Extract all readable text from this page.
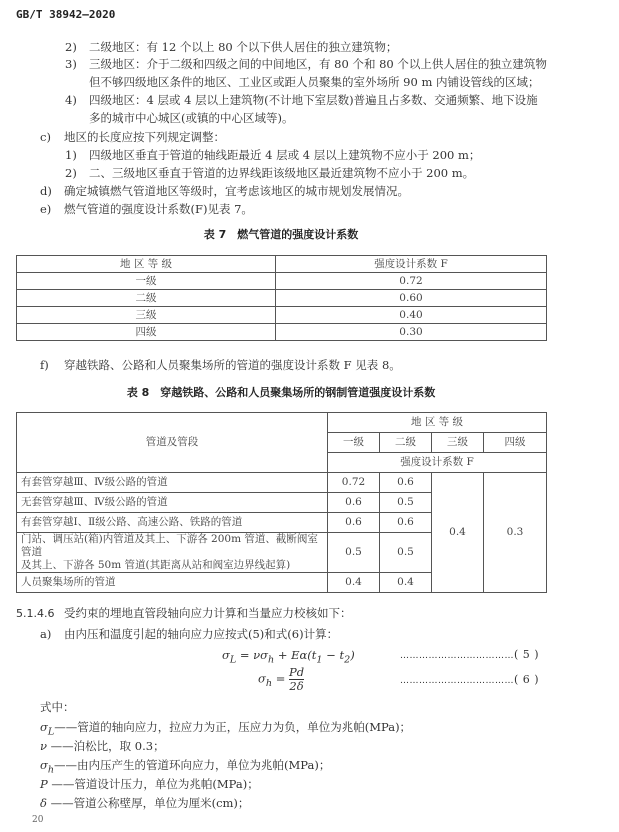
GB/T 38942—2020
2) 二级地区：有 12 个以上 80 个以下供人居住的独立建筑物；
3) 三级地区：介于二级和四级之间的中间地区，有 80 个和 80 个以上供人居住的独立建筑物
但不够四级地区条件的地区、工业区或距人员聚集的室外场所 90 m 内铺设管线的区域；
4) 四级地区：4 层或 4 层以上建筑物(不计地下室层数)普遍且占多数、交通频繁、地下设施
多的城市中心城区(或镇的中心区域等)。
c) 地区的长度应按下列规定调整：
1) 四级地区垂直于管道的轴线距最近 4 层或 4 层以上建筑物不应小于 200 m；
2) 二、三级地区垂直于管道的边界线距该级地区最近建筑物不应小于 200 m。
d) 确定城镇燃气管道地区等级时，宜考虑该地区的城市规划发展情况。
e) 燃气管道的强度设计系数(F)见表 7。
表 7　燃气管道的强度设计系数
地 区 等 级	强度设计系数 F
一级	0.72
二级	0.60
三级	0.40
四级	0.30
f) 穿越铁路、公路和人员聚集场所的管道的强度设计系数 F 见表 8。
表 8　穿越铁路、公路和人员聚集场所的钢制管道强度设计系数
管道及管段	地 区 等 级			
	一级	二级	三级	四级
	强度设计系数 F			
有套管穿越Ⅲ、Ⅳ级公路的管道	0.72	0.6	0.4	0.3
无套管穿越Ⅲ、Ⅳ级公路的管道	0.6	0.5		
有套管穿越Ⅰ、Ⅱ级公路、高速公路、铁路的管道	0.6	0.6		
门站、调压站(箱)内管道及其上、下游各 200m 管道、截断阀室管道
及其上、下游各 50m 管道(其距离从站和阀室边界线起算)	0.5	0.5		
人员聚集场所的管道	0.4	0.4		
5.1.4.6 受约束的埋地直管段轴向应力计算和当量应力校核如下：
a) 由内压和温度引起的轴向应力应按式(5)和式(6)计算：
$\sigma_L = \nu\sigma_h + E\alpha(t_1 - t_2)$	………………………………( 5 )
$\sigma_h = \frac{Pd}{2\delta}$	………………………………( 6 )
式中：
$\sigma_L——$管道的轴向应力，拉应力为正，压应力为负，单位为兆帕(MPa)；
ν ——泊松比，取 0.3；
$\sigma_h——$由内压产生的管道环向应力，单位为兆帕(MPa)；
P ——管道设计压力，单位为兆帕(MPa)；
δ ——管道公称壁厚，单位为厘米(cm)；
20
